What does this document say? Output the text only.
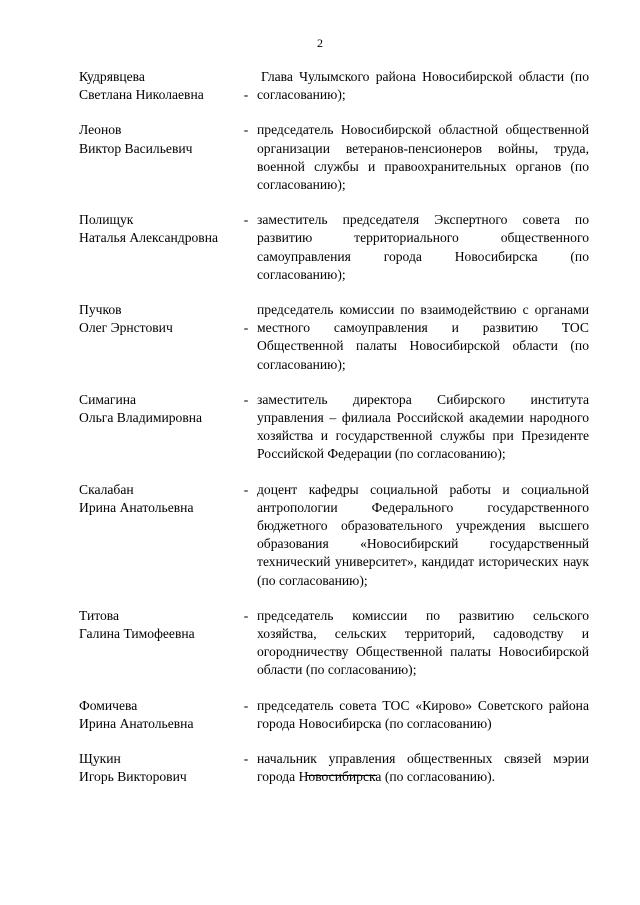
2
Кудрявцева
Светлана Николаевна	-
Глава Чулымского района Новосибирской области (по согласованию);
Леонов
Виктор Васильевич
- председатель Новосибирской областной общественной организации ветеранов-пенсионеров войны, труда, военной службы и правоохранительных органов (по согласованию);
Полищук
Наталья Александровна
- заместитель председателя Экспертного совета по развитию территориального общественного самоуправления города Новосибирска (по согласованию);
Пучков
Олег Эрнстович	-
председатель комиссии по взаимодействию с органами местного самоуправления и развитию ТОС Общественной палаты Новосибирской области (по согласованию);
Симагина
Ольга Владимировна
- заместитель директора Сибирского института управления – филиала Российской академии народного хозяйства и государственной службы при Президенте Российской Федерации (по согласованию);
Скалабан
Ирина Анатольевна
- доцент кафедры социальной работы и социальной антропологии Федерального государственного бюджетного образовательного учреждения высшего образования «Новосибирский государственный технический университет», кандидат исторических наук (по согласованию);
Титова
Галина Тимофеевна
- председатель комиссии по развитию сельского хозяйства, сельских территорий, садоводству и огородничеству Общественной палаты Новосибирской области (по согласованию);
Фомичева
Ирина Анатольевна
- председатель совета ТОС «Кирово» Советского района города Новосибирска (по согласованию)
Щукин
Игорь Викторович
- начальник управления общественных связей мэрии города Новосибирска (по согласованию).
